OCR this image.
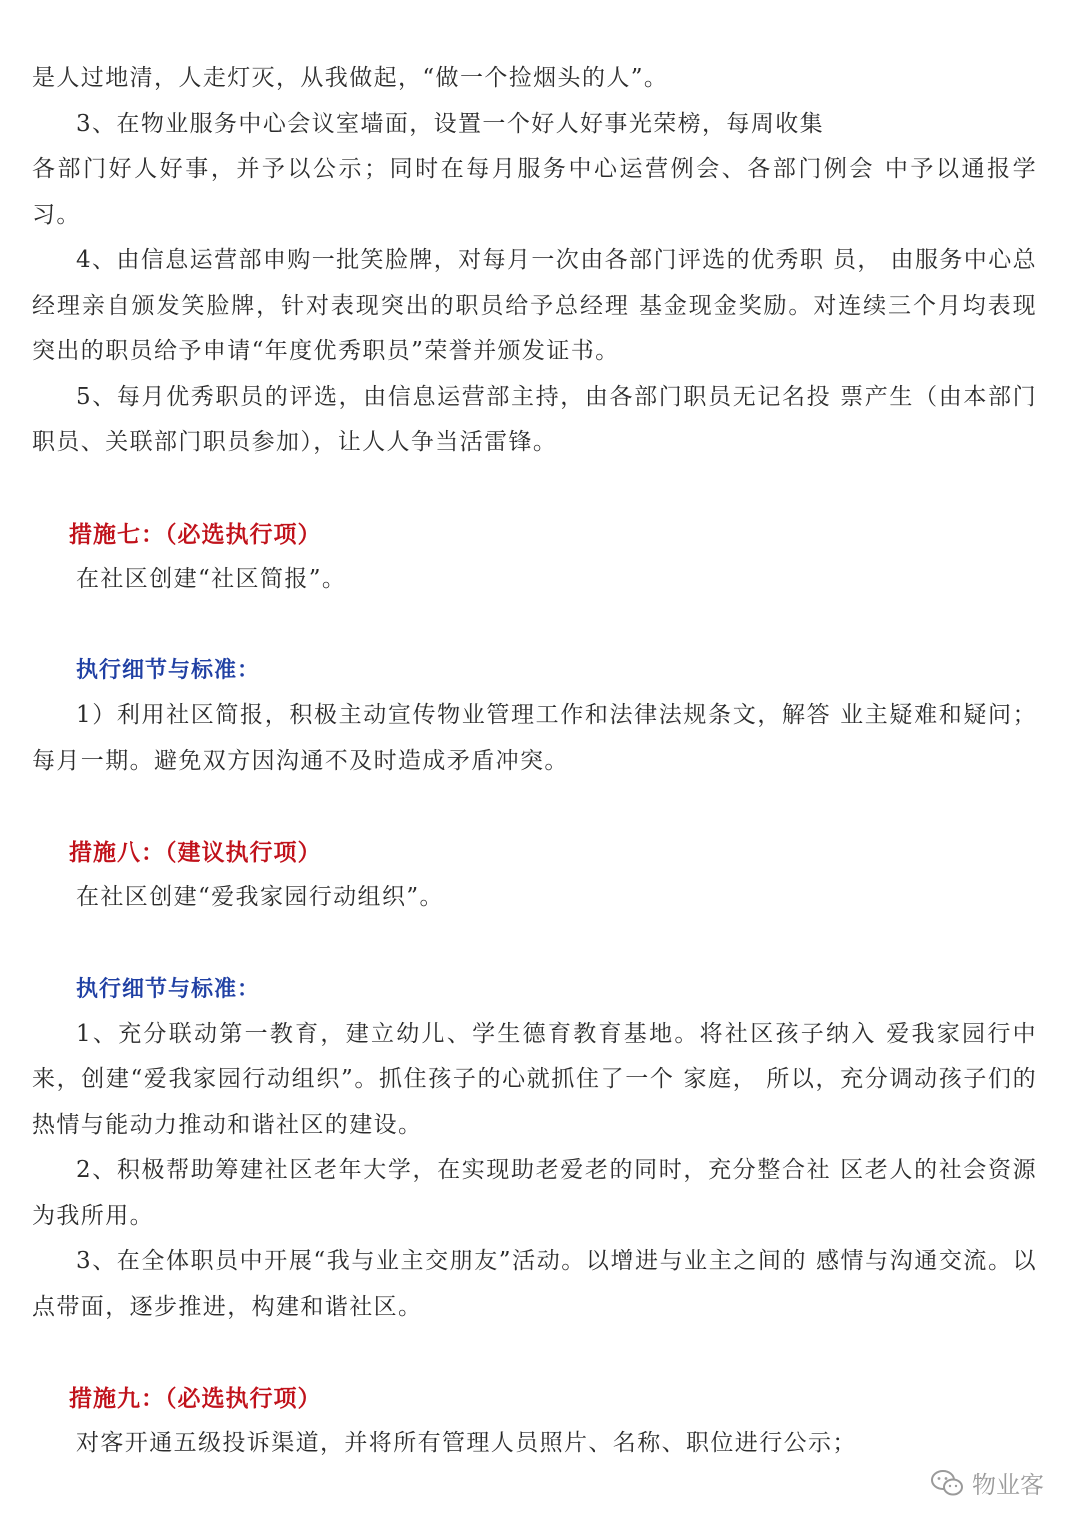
是人过地清，人走灯灭，从我做起，“做一个捡烟头的人”。

3、在物业服务中心会议室墙面，设置一个好人好事光荣榜，每周收集

各部门好人好事，并予以公示；同时在每月服务中心运营例会、各部门例会 中予以通报学习。

4、由信息运营部申购一批笑脸牌，对每月一次由各部门评选的优秀职 员， 由服务中心总经理亲自颁发笑脸牌，针对表现突出的职员给予总经理 基金现金奖励。对连续三个月均表现突出的职员给予申请“年度优秀职员”荣誉并颁发证书。

5、每月优秀职员的评选，由信息运营部主持，由各部门职员无记名投 票产生（由本部门职员、关联部门职员参加），让人人争当活雷锋。

措施七：（必选执行项）

在社区创建“社区简报”。

执行细节与标准：

1）利用社区简报，积极主动宣传物业管理工作和法律法规条文，解答 业主疑难和疑问；每月一期。避免双方因沟通不及时造成矛盾冲突。

措施八：（建议执行项）

在社区创建“爱我家园行动组织”。

执行细节与标准：

1、充分联动第一教育，建立幼儿、学生德育教育基地。将社区孩子纳入 爱我家园行中来，创建“爱我家园行动组织”。抓住孩子的心就抓住了一个 家庭， 所以，充分调动孩子们的热情与能动力推动和谐社区的建设。

2、积极帮助筹建社区老年大学，在实现助老爱老的同时，充分整合社 区老人的社会资源为我所用。

3、在全体职员中开展“我与业主交朋友”活动。以增进与业主之间的 感情与沟通交流。以点带面，逐步推进，构建和谐社区。

措施九：（必选执行项）

对客开通五级投诉渠道，并将所有管理人员照片、名称、职位进行公示；

物业客
